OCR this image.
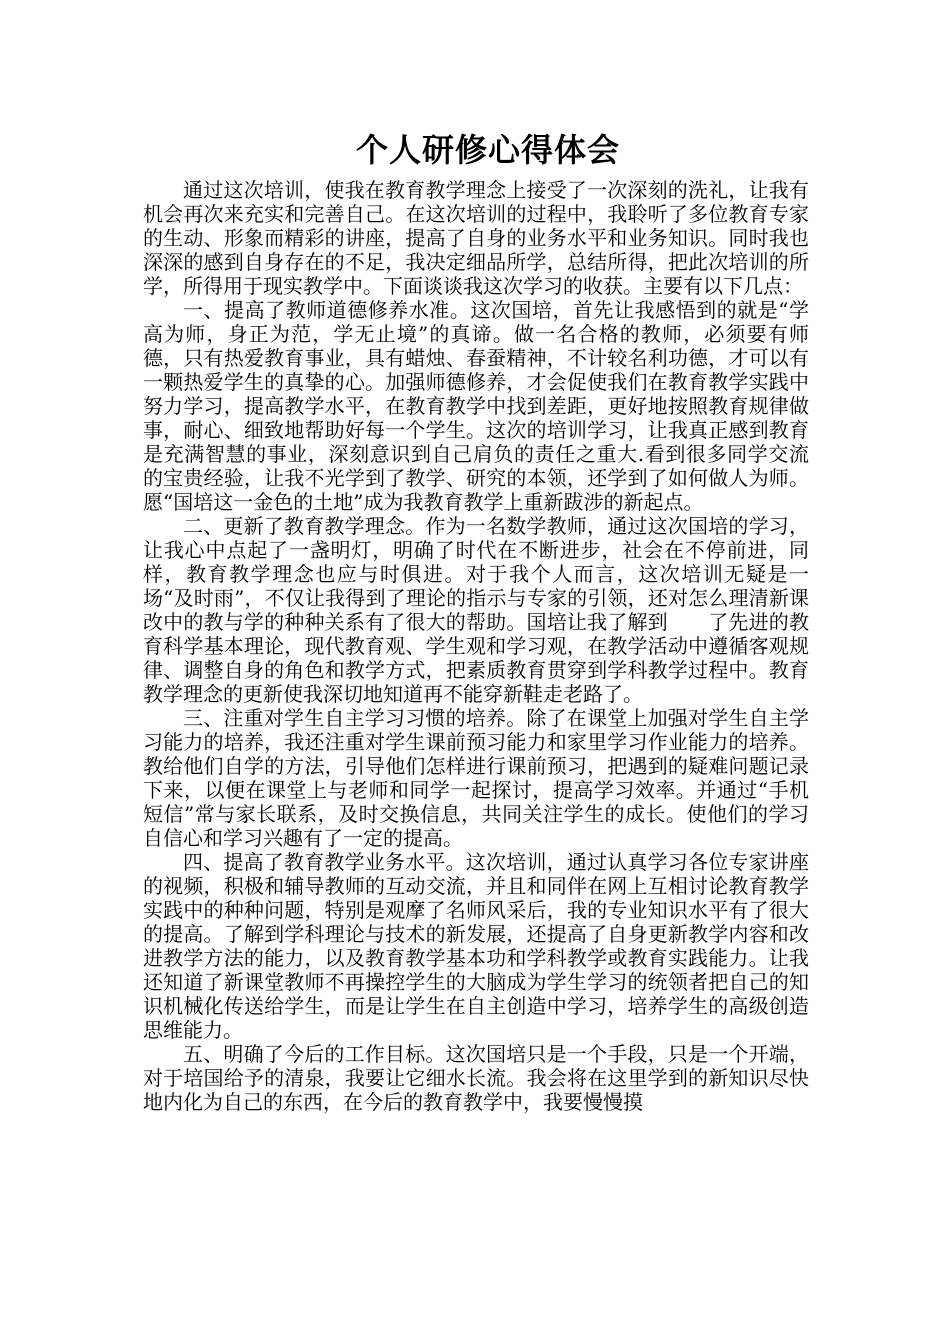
个人研修心得体会

通过这次培训，使我在教育教学理念上接受了一次深刻的洗礼，让我有机会再次来充实和完善自己。在这次培训的过程中，我聆听了多位教育专家的生动、形象而精彩的讲座，提高了自身的业务水平和业务知识。同时我也深深的感到自身存在的不足，我决定细品所学，总结所得，把此次培训的所学，所得用于现实教学中。下面谈谈我这次学习的收获。主要有以下几点：

一、提高了教师道德修养水准。这次国培，首先让我感悟到的就是“学高为师，身正为范，学无止境”的真谛。做一名合格的教师，必须要有师德，只有热爱教育事业，具有蜡烛、春蚕精神，不计较名利功德，才可以有一颗热爱学生的真挚的心。加强师德修养，才会促使我们在教育教学实践中努力学习，提高教学水平，在教育教学中找到差距，更好地按照教育规律做事，耐心、细致地帮助好每一个学生。这次的培训学习，让我真正感到教育是充满智慧的事业，深刻意识到自己肩负的责任之重大.看到很多同学交流的宝贵经验，让我不光学到了教学、研究的本领，还学到了如何做人为师。愿“国培这一金色的土地”成为我教育教学上重新跋涉的新起点。

二、更新了教育教学理念。作为一名数学教师，通过这次国培的学习，让我心中点起了一盏明灯，明确了时代在不断进步，社会在不停前进，同样，教育教学理念也应与时俱进。对于我个人而言，这次培训无疑是一场“及时雨”，不仅让我得到了理论的指示与专家的引领，还对怎么理清新课改中的教与学的种种关系有了很大的帮助。国培让我了解到　　了先进的教育科学基本理论，现代教育观、学生观和学习观，在教学活动中遵循客观规律、调整自身的角色和教学方式，把素质教育贯穿到学科教学过程中。教育教学理念的更新使我深切地知道再不能穿新鞋走老路了。

三、注重对学生自主学习习惯的培养。除了在课堂上加强对学生自主学习能力的培养，我还注重对学生课前预习能力和家里学习作业能力的培养。教给他们自学的方法，引导他们怎样进行课前预习，把遇到的疑难问题记录下来，以便在课堂上与老师和同学一起探讨，提高学习效率。并通过“手机短信”常与家长联系，及时交换信息，共同关注学生的成长。使他们的学习自信心和学习兴趣有了一定的提高。

四、提高了教育教学业务水平。这次培训，通过认真学习各位专家讲座的视频，积极和辅导教师的互动交流，并且和同伴在网上互相讨论教育教学实践中的种种问题，特别是观摩了名师风采后，我的专业知识水平有了很大的提高。了解到学科理论与技术的新发展，还提高了自身更新教学内容和改进教学方法的能力，以及教育教学基本功和学科教学或教育实践能力。让我还知道了新课堂教师不再操控学生的大脑成为学生学习的统领者把自己的知识机械化传送给学生，而是让学生在自主创造中学习，培养学生的高级创造思维能力。

五、明确了今后的工作目标。这次国培只是一个手段，只是一个开端，对于培国给予的清泉，我要让它细水长流。我会将在这里学到的新知识尽快地内化为自己的东西，在今后的教育教学中，我要慢慢摸
